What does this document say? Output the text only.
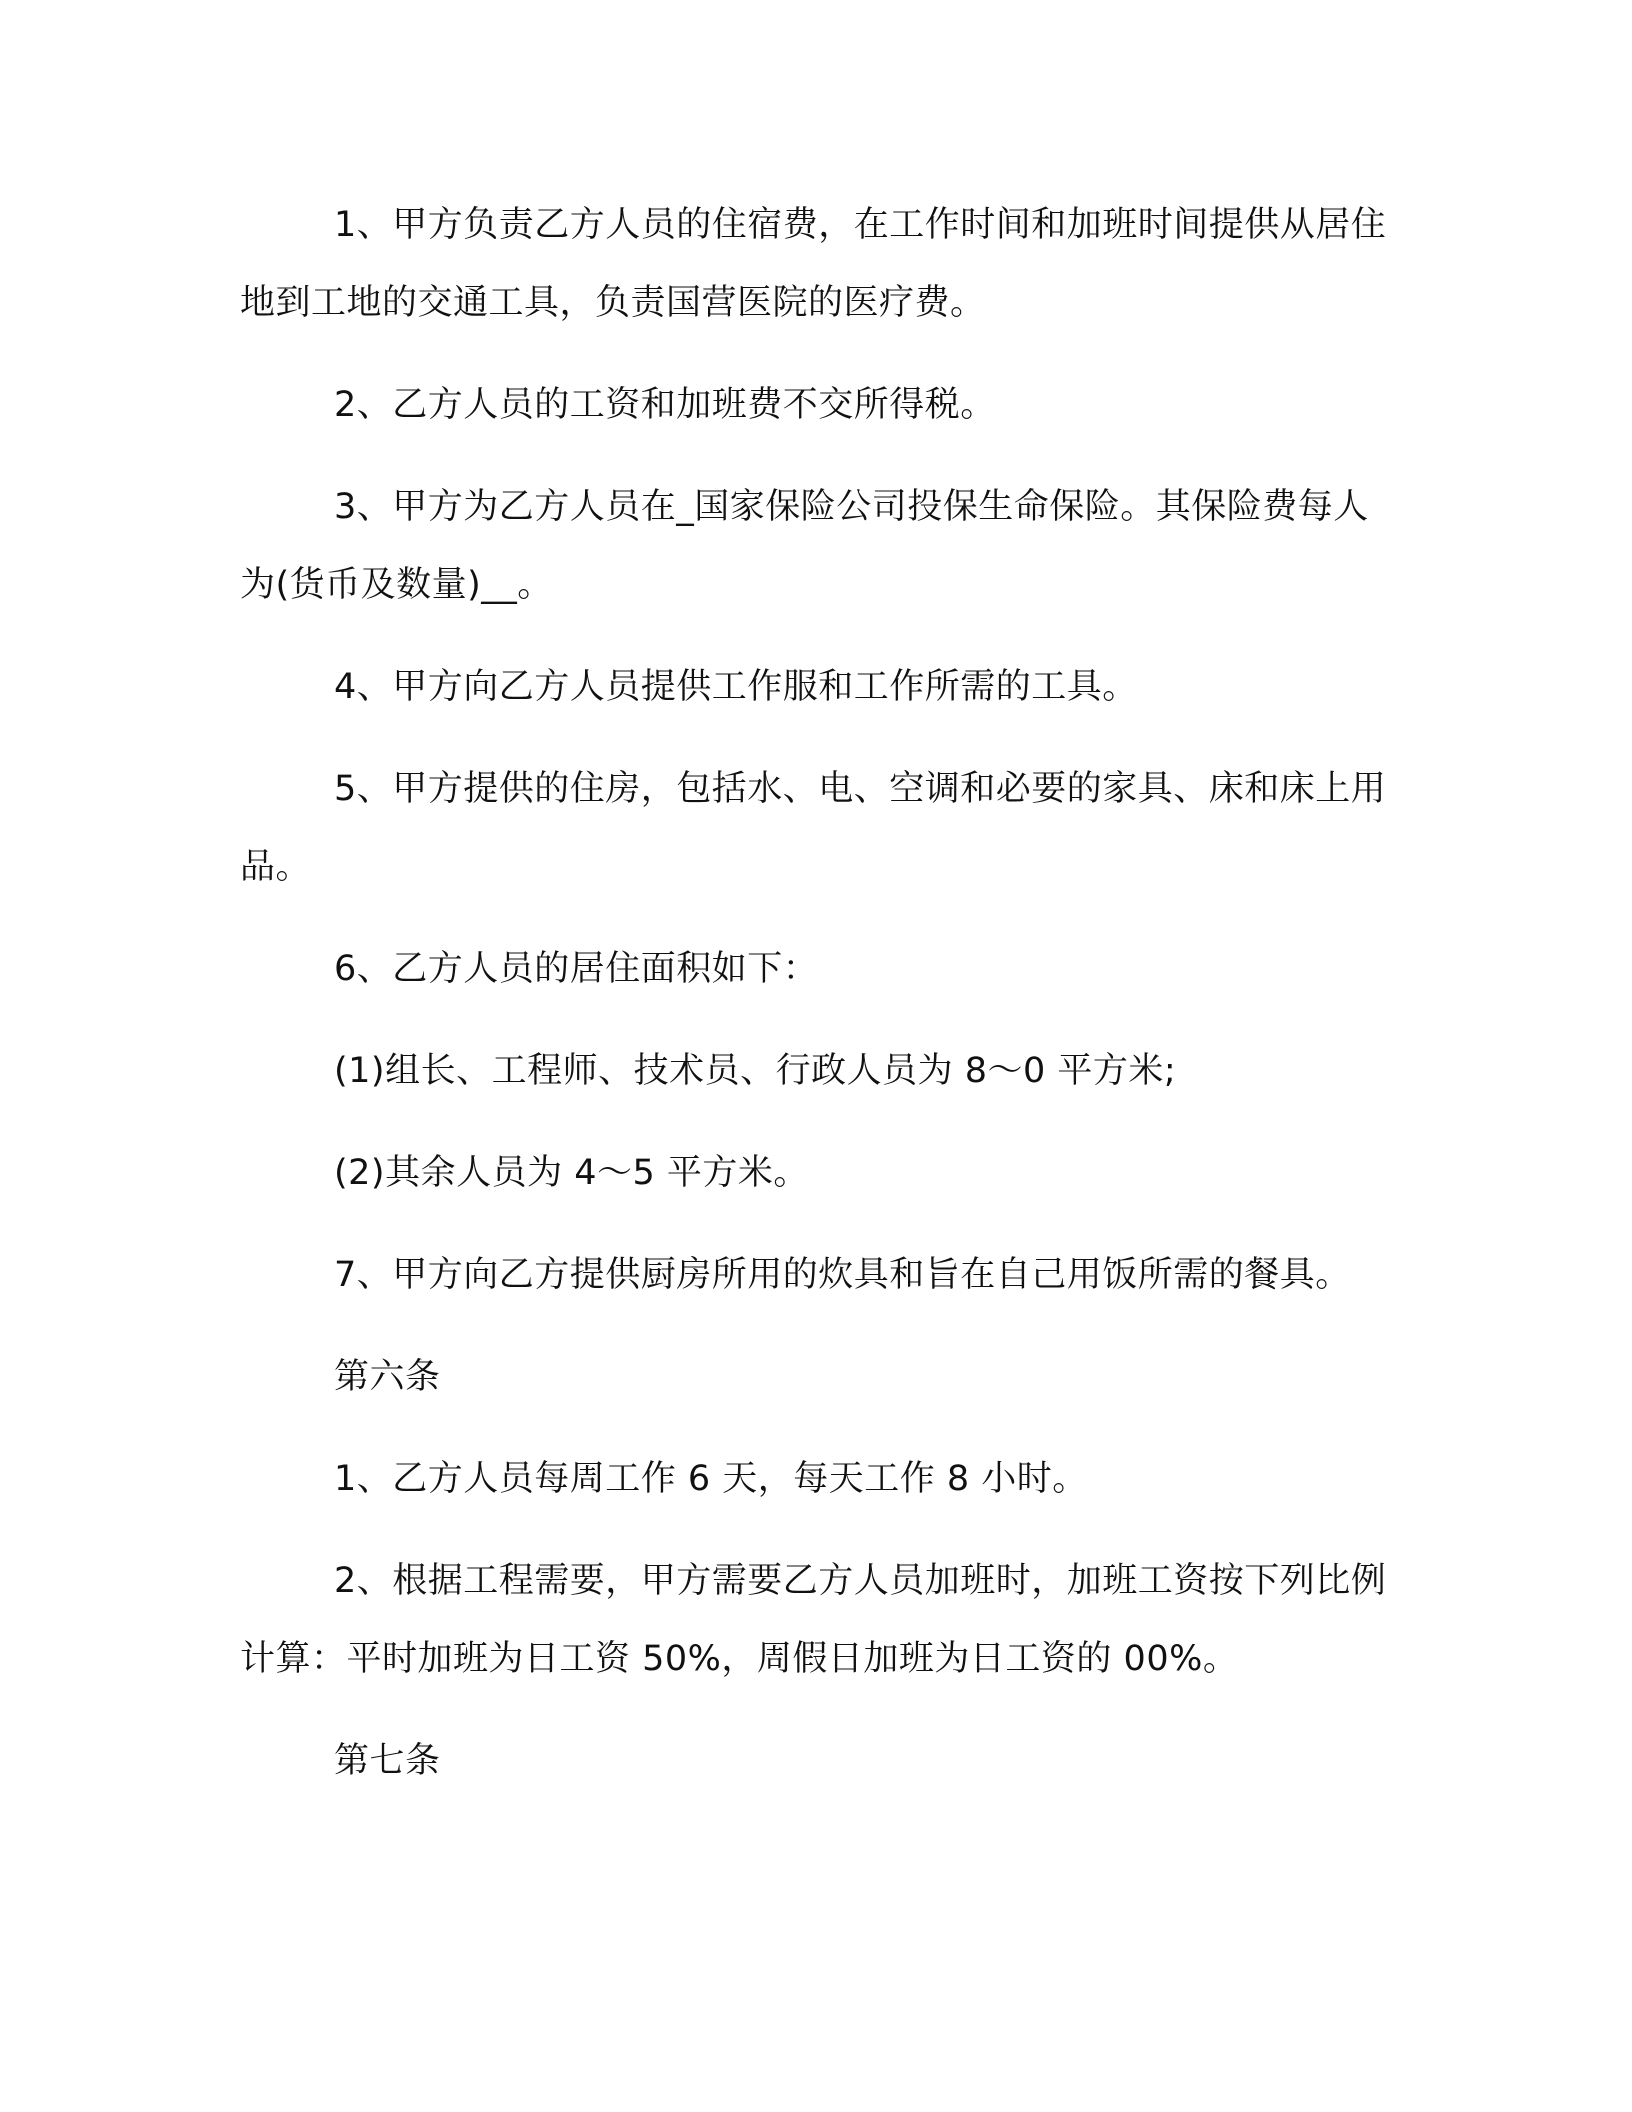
1、甲方负责乙方人员的住宿费，在工作时间和加班时间提供从居住地到工地的交通工具，负责国营医院的医疗费。

2、乙方人员的工资和加班费不交所得税。

3、甲方为乙方人员在_国家保险公司投保生命保险。其保险费每人为(货币及数量)__。

4、甲方向乙方人员提供工作服和工作所需的工具。

5、甲方提供的住房，包括水、电、空调和必要的家具、床和床上用品。

6、乙方人员的居住面积如下：

(1)组长、工程师、技术员、行政人员为 8～0 平方米;

(2)其余人员为 4～5 平方米。

7、甲方向乙方提供厨房所用的炊具和旨在自己用饭所需的餐具。

第六条

1、乙方人员每周工作 6 天，每天工作 8 小时。

2、根据工程需要，甲方需要乙方人员加班时，加班工资按下列比例计算：平时加班为日工资 50%，周假日加班为日工资的 00%。

第七条
